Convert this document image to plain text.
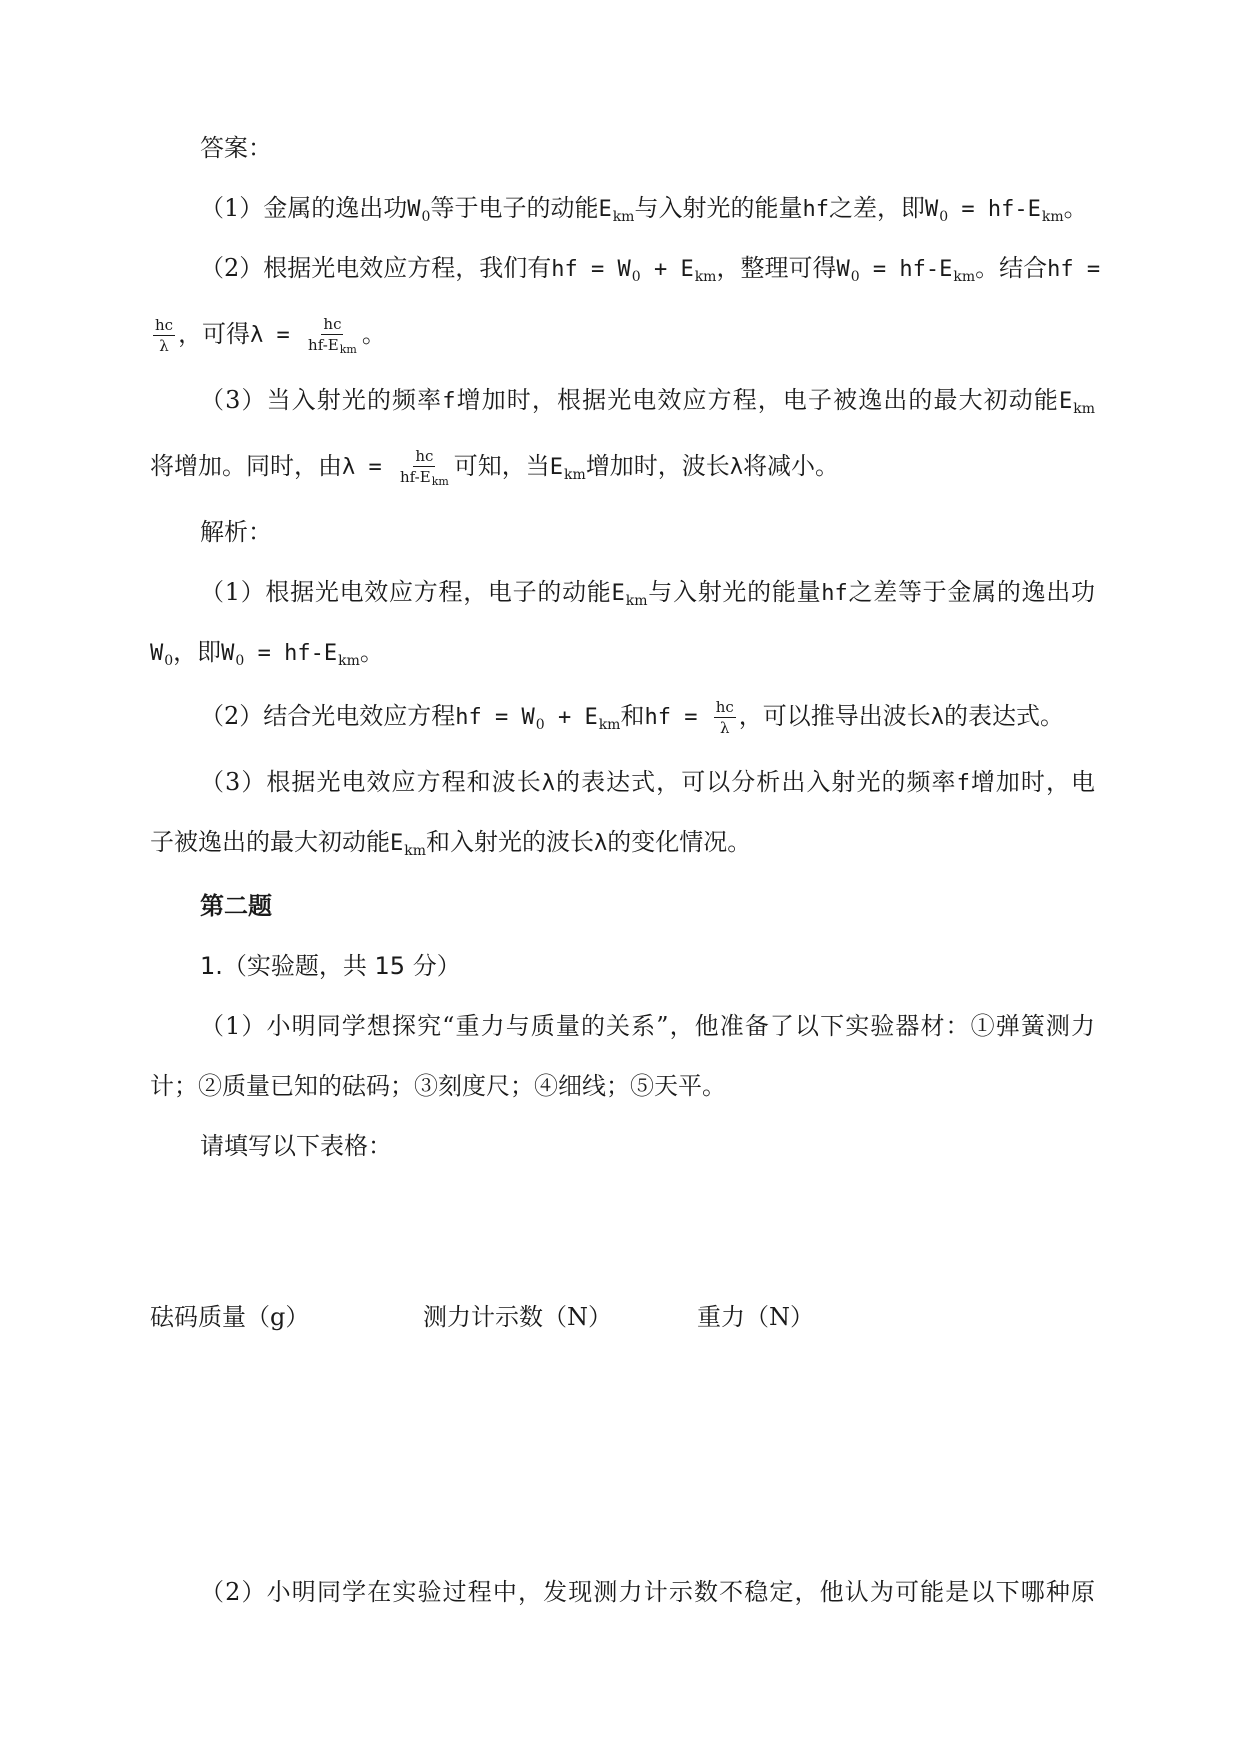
答案：
（1）金属的逸出功$W_0$等于电子的动能$E_{km}$与入射光的能量hf之差，即$W_0 = hf-E_{km}$。
（2）根据光电效应方程，我们有hf = $W_0 + E_{km}$，整理可得$W_0 = hf-E_{km}$。结合hf =
$\frac{hc}{\lambda}$ ，可得$\lambda = \frac{hc}{hf-E_{km}}$ 。
（3）当入射光的频率f增加时，根据光电效应方程，电子被逸出的最大初动能$E_{km}$
将增加。同时，由$\lambda = \frac{hc}{hf-E_{km}}$ 可知，当$E_{km}$增加时，波长λ将减小。
解析：
（1）根据光电效应方程，电子的动能$E_{km}$与入射光的能量hf之差等于金属的逸出功
$W_0$，即$W_0 = hf-E_{km}$。
（2）结合光电效应方程hf = $W_0 + E_{km}$和hf = $\frac{hc}{\lambda}$ ，可以推导出波长λ的表达式。
（3）根据光电效应方程和波长λ的表达式，可以分析出入射光的频率f增加时，电
子被逸出的最大初动能$E_{km}$和入射光的波长λ的变化情况。
第二题
1.（实验题，共 15 分）
（1）小明同学想探究“重力与质量的关系”，他准备了以下实验器材：①弹簧测力
计；②质量已知的砝码；③刻度尺；④细线；⑤天平。
请填写以下表格：
砝码质量（g）	测力计示数（N）	重力（N）
（2）小明同学在实验过程中，发现测力计示数不稳定，他认为可能是以下哪种原
